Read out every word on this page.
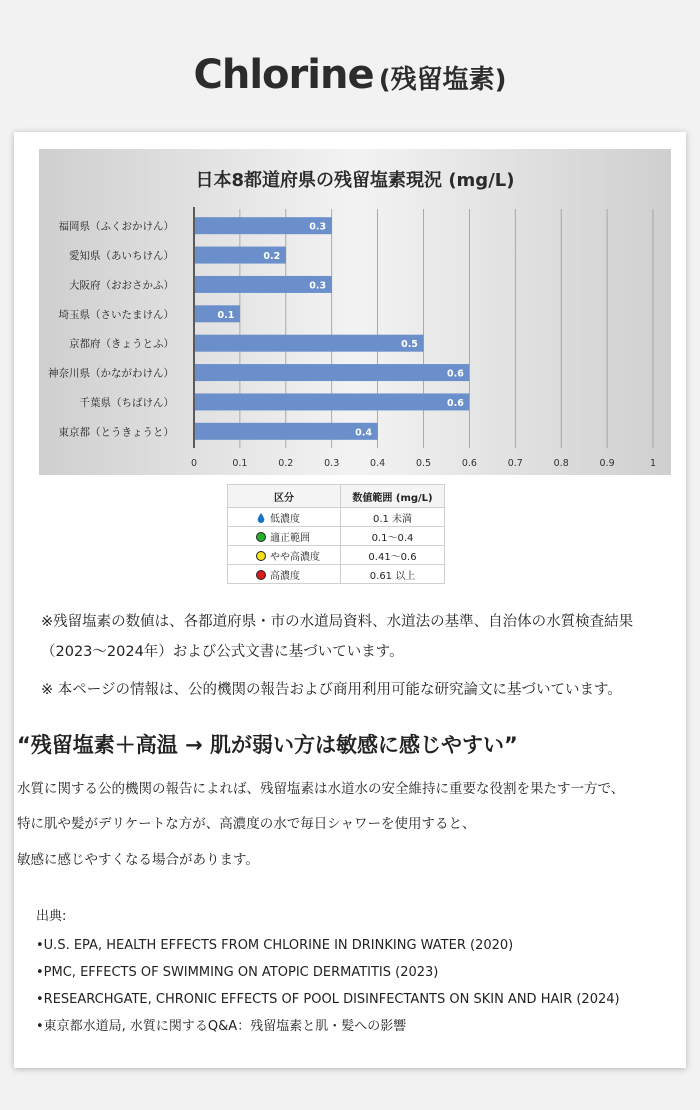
Chlorine (残留塩素)
日本8都道府県の残留塩素現況 (mg/L)
0.3
0.2
0.3
0.1
0.5
0.6
0.6
0.4
福岡県（ふくおかけん）
愛知県（あいちけん）
大阪府（おおさかふ）
埼玉県（さいたまけん）
京都府（きょうとふ）
神奈川県（かながわけん）
千葉県（ちばけん）
東京都（とうきょうと）
0	0.1	0.2	0.3	0.4	0.5	0.6	0.7	0.8	0.9	1
区分	数値範囲 (mg/L)
低濃度	0.1 未満
適正範囲	0.1〜0.4
やや高濃度	0.41〜0.6
高濃度	0.61 以上
※残留塩素の数値は、各都道府県・市の水道局資料、水道法の基準、自治体の水質検査結果
（2023〜2024年）および公式文書に基づいています。
※ 本ページの情報は、公的機関の報告および商用利用可能な研究論文に基づいています。
“残留塩素＋高温 → 肌が弱い方は敏感に感じやすい”
水質に関する公的機関の報告によれば、残留塩素は水道水の安全維持に重要な役割を果たす一方で、
特に肌や髪がデリケートな方が、高濃度の水で毎日シャワーを使用すると、
敏感に感じやすくなる場合があります。
出典:
•U.S. EPA, HEALTH EFFECTS FROM CHLORINE IN DRINKING WATER (2020)
•PMC, EFFECTS OF SWIMMING ON ATOPIC DERMATITIS (2023)
•RESEARCHGATE, CHRONIC EFFECTS OF POOL DISINFECTANTS ON SKIN AND HAIR (2024)
•東京都水道局, 水質に関するQ&A：残留塩素と肌・髪への影響
